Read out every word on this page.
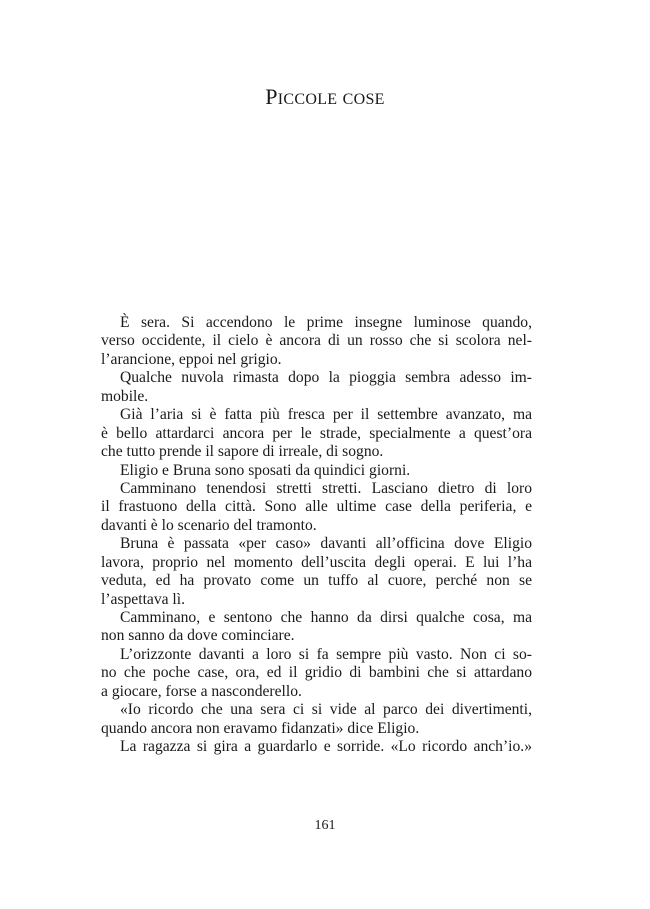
PICCOLE COSE
È sera. Si accendono le prime insegne luminose quando,
verso occidente, il cielo è ancora di un rosso che si scolora nel-
l’arancione, eppoi nel grigio.
Qualche nuvola rimasta dopo la pioggia sembra adesso im-
mobile.
Già l’aria si è fatta più fresca per il settembre avanzato, ma
è bello attardarci ancora per le strade, specialmente a quest’ora
che tutto prende il sapore di irreale, di sogno.
Eligio e Bruna sono sposati da quindici giorni.
Camminano tenendosi stretti stretti. Lasciano dietro di loro
il frastuono della città. Sono alle ultime case della periferia, e
davanti è lo scenario del tramonto.
Bruna è passata «per caso» davanti all’officina dove Eligio
lavora, proprio nel momento dell’uscita degli operai. E lui l’ha
veduta, ed ha provato come un tuffo al cuore, perché non se
l’aspettava lì.
Camminano, e sentono che hanno da dirsi qualche cosa, ma
non sanno da dove cominciare.
L’orizzonte davanti a loro si fa sempre più vasto. Non ci so-
no che poche case, ora, ed il gridio di bambini che si attardano
a giocare, forse a nasconderello.
«Io ricordo che una sera ci si vide al parco dei divertimenti,
quando ancora non eravamo fidanzati» dice Eligio.
La ragazza si gira a guardarlo e sorride. «Lo ricordo anch’io.»

161
